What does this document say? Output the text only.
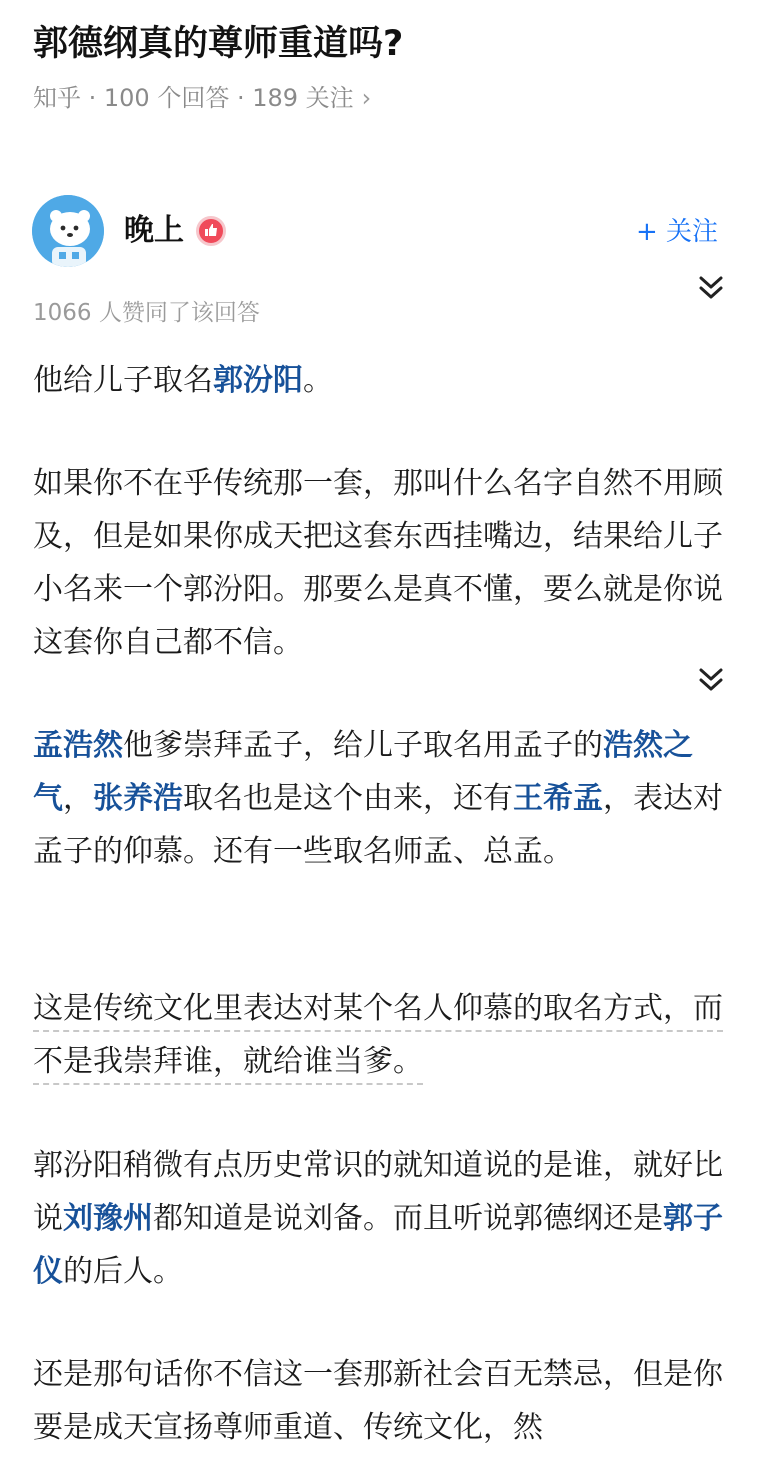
郭德纲真的尊师重道吗?
知乎 · 100 个回答 · 189 关注 ›
晚上	+ 关注
1066 人赞同了该回答
他给儿子取名郭汾阳。
如果你不在乎传统那一套，那叫什么名字自然不用顾及，但是如果你成天把这套东西挂嘴边，结果给儿子小名来一个郭汾阳。那要么是真不懂，要么就是你说这套你自己都不信。
孟浩然他爹崇拜孟子，给儿子取名用孟子的浩然之气，张养浩取名也是这个由来，还有王希孟，表达对孟子的仰慕。还有一些取名师孟、总孟。
这是传统文化里表达对某个名人仰慕的取名方式，而不是我崇拜谁，就给谁当爹。
郭汾阳稍微有点历史常识的就知道说的是谁，就好比说刘豫州都知道是说刘备。而且听说郭德纲还是郭子仪的后人。
还是那句话你不信这一套那新社会百无禁忌，但是你要是成天宣扬尊师重道、传统文化，然
